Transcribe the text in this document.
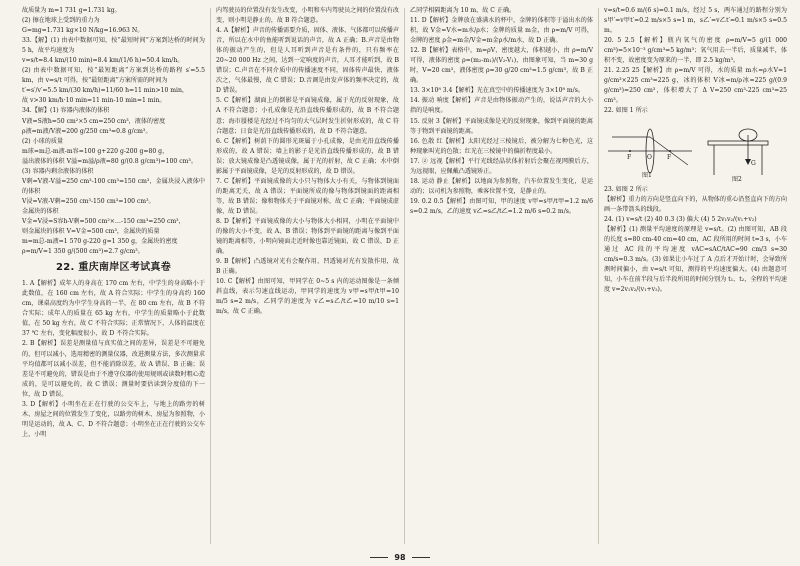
故质量为 m=1 731 g=1.731 kg。

(2) 擦在地球上受到的重力为

G=mg=1.731 kg×10 N/kg=16.963 N。

33.【解】(1) 由表中数据可知，按“最短时间”方案到达桥的时间为 5 h，故平均速度为

v=s/t=8.4 km/(10 min)=8.4 km/(1/6 h)=50.4 km/h。

(2) 由表中数据可知，按“最短距离”方案到达桥的路程 s′=5.5 km，由 v=s/t 可得，按“最短距离”方案所需的时间为

t′=s′/v′=5.5 km/(30 km/h)=11/60 h=11 min>10 min，

故 v>30 km/h·10 min=11 min-10 min=1 min。

34.【解】(1) 容器内液体的体积

V液=S液h=50 cm²×5 cm=250 cm³，液体的密度

ρ液=m液/V液=200 g/250 cm³=0.8 g/cm³。

(2) 小球的质量

m球=m总-m液-m容=100 g+220 g-200 g=80 g，

溢出液体的体积 V溢=m溢/ρ液=80 g/(0.8 g/cm³)=100 cm³。

(3) 容器内剩余液体的体积

V剩=V液-V溢=250 cm³-100 cm³=150 cm³，金属块浸入液体中的体积

V浸=V液-V剩=250 cm³-150 cm³=100 cm³。

金属块的体积

V金=V浸=S容h-V剩=500 cm²×…-150 cm³=250 cm³，

则金属块的体积 V=V金=500 cm³，金属块的质量

m=m总-m液=1 570 g-220 g=1 350 g，金属块的密度

ρ=m/V=1 350 g/(500 cm³)=2.7 g/cm³。

22. 重庆南岸区考试真卷

1. A【解析】成年人的身高在 170 cm 左右，中学生的身高略小于此数值，在 160 cm 左右，故 A 符合实际；中学生的身高约 160 cm，课桌高度约为中学生身高的一半，在 80 cm 左右，故 B 不符合实际；成年人的质量在 65 kg 左右，中学生的质量略小于此数值，在 50 kg 左右，故 C 不符合实际；正常情况下，人体的温度在 37 ℃ 左右，变化幅度很小，故 D 不符合实际。

2. B【解析】误差是测量值与真实值之间的差异，误差是不可避免的，但可以减小，选用精密的测量仪器，改进测量方法，多次测量求平均值都可以减小误差，但不能消除误差，故 A 错误、B 正确；误差是不可避免的，错误是由于不遵守仪器的使用规则或读数时粗心造成的，是可以避免的，故 C 错误；测量时要估读到分度值的下一位，故 D 错误。

3. D【解析】小明坐在正在行驶的公交车上，与地上的路旁的树木、房屋之间的位置发生了变化，以路旁的树木、房屋为参照物，小明是运动的，故 A、C、D 不符合题意；小明坐在正在行驶的公交车上，小明

内驾驶员的位置没有发生改变，小明和车内驾驶员之间的位置没有改变，则小明是静止的，故 B 符合题意。

4. A【解析】声音的传播需要介质，固体、液体、气体都可以传播声音，所以在水中的鱼能听到说话的声音，故 A 正确；B.声音是由物体的振动产生的，但是人耳听到声音是有条件的，只有频率在 20~20 000 Hz 之间，达到一定响度的声音，人耳才能听到，故 B 错误；C.声音在不同介质中的传播速度不同，固体传声最快，液体次之，气体最慢，故 C 错误；D.音调是由发声体的频率决定的，故 D 错误。

5. C【解析】湖面上的倒影是平面镜成像，属于光的反射现象，故 A 不符合题意；小孔成像是光沿直线传播形成的，故 B 不符合题意；海市蜃楼是光经过不均匀的大气层时发生折射形成的，故 C 符合题意；日食是光沿直线传播形成的，故 D 不符合题意。

6. C【解析】树荫下的圆形光斑属于小孔成像，是由光沿直线传播形成的，故 A 错误；墙上的影子是光沿直线传播形成的，故 B 错误；放大镜成像是凸透镜成像，属于光的折射，故 C 正确；水中倒影属于平面镜成像，是光的反射形成的，故 D 错误。

7. C【解析】平面镜成像的大小只与物体大小有关，与物体到镜面的距离无关，故 A 错误；平面镜所成的像与物体到镜面的距离相等，故 B 错误；像和物体关于平面镜对称，故 C 正确；平面镜成虚像，故 D 错误。

8. D【解析】平面镜成像的大小与物体大小相同，小明在平面镜中的像的大小不变，故 A、B 错误；物体到平面镜的距离与像到平面镜的距离相等，小明向镜面走近时像也靠近镜面，故 C 错误、D 正确。

9. B【解析】凸透镜对光有会聚作用，凹透镜对光有发散作用，故 B 正确。

10. C【解析】由图可知，甲同学在 0~5 s 内的运动图像是一条倾斜直线，表示匀速直线运动，甲同学的速度为 v甲=s甲/t甲=10 m/5 s=2 m/s，乙同学的速度为 v乙=s乙/t乙=10 m/10 s=1 m/s，故 C 正确。

乙同学相隔距离为 10 m，故 C 正确。

11. D【解析】金牌放在盛满水的杯中，金牌的体积等于溢出水的体积，故 V金=V水=m水/ρ水；金牌的质量 m金，由 ρ=m/V 可得，金牌的密度 ρ金=m金/V金=m金ρ水/m水，故 D 正确。

12. B【解析】表格中，m=ρV，密度越大，体积越小，由 ρ=m/V 可得，液体的密度 ρ=(m₂-m₁)/(V₂-V₁)，由图象可知，当 m=30 g 时，V=20 cm³，液体密度 ρ=30 g/20 cm³=1.5 g/cm³，故 B 正确。

13. 3×10⁸ 3.4【解析】光在真空中的传播速度为 3×10⁸ m/s。

14. 振动 响度【解析】声音是由物体振动产生的，说话声音的大小指的是响度。

15. 反射 3【解析】平面镜成像是光的反射现象，像到平面镜的距离等于物到平面镜的距离。

16. 色散 红【解析】太阳光经过三棱镜后，被分解为七种色光，这种现象叫光的色散；红光在三棱镜中的偏折程度最小。

17. ② 远视【解析】平行光线经晶状体折射后会聚在视网膜后方，为远视眼，应佩戴凸透镜矫正。

18. 运动 静止【解析】以地面为参照物，汽车位置发生变化，是运动的；以司机为参照物，乘客位置不变，是静止的。

19. 0.2 0.5【解析】由图可知，甲的速度 v甲=s甲/t甲=1.2 m/6 s=0.2 m/s，乙的速度 v乙=s乙/t乙=1.2 m/6 s=0.2 m/s。

v=s/t=0.6 m/(6 s)=0.1 m/s，经过 5 s，两车通过的路程分别为 s甲′=v甲t′=0.2 m/s×5 s=1 m，s乙′=v乙t′=0.1 m/s×5 s=0.5 m。

20. 5 2.5【解析】瓶内氧气的密度 ρ=m/V=5 g/(1 000 cm³)=5×10⁻³ g/cm³=5 kg/m³；氧气用去一半后，质量减半，体积不变，故密度变为原来的一半，即 2.5 kg/m³。

21. 2.25 25【解析】由 ρ=m/V 可得，水的质量 m水=ρ水V=1 g/cm³×225 cm³=225 g，冰的体积 V冰=m/ρ冰=225 g/(0.9 g/cm³)=250 cm³，体积增大了 Δ V=250 cm³-225 cm³=25 cm³。

22. 如图 1 所示

图1
图2
O
F	F
G

23. 如图 2 所示

【解析】重力的方向是竖直向下的，从物体的重心沿竖直向下的方向画一条带箭头的线段。

24. (1) v=s/t (2) 40 0.3 (3) 偏大 (4) 5 2v₁v₂/(v₁+v₂)

【解析】(1) 测量平均速度的原理是 v=s/t。(2) 由图可知，AB 段的长度 s=80 cm-40 cm=40 cm，AC 段所用的时间 t=3 s，小车通过 AC 段的平均速度 vAC=sAC/tAC=90 cm/3 s=30 cm/s=0.3 m/s。(3) 如果让小车过了 A 点后才开始计时，会导致所测时间偏小，由 v=s/t 可知，测得的平均速度偏大。(4) 由题意可知，小车在前半段与后半段所用的时间分别为 t₁、t₂，全程的平均速度 v=2v₁v₂/(v₁+v₂)。

98
